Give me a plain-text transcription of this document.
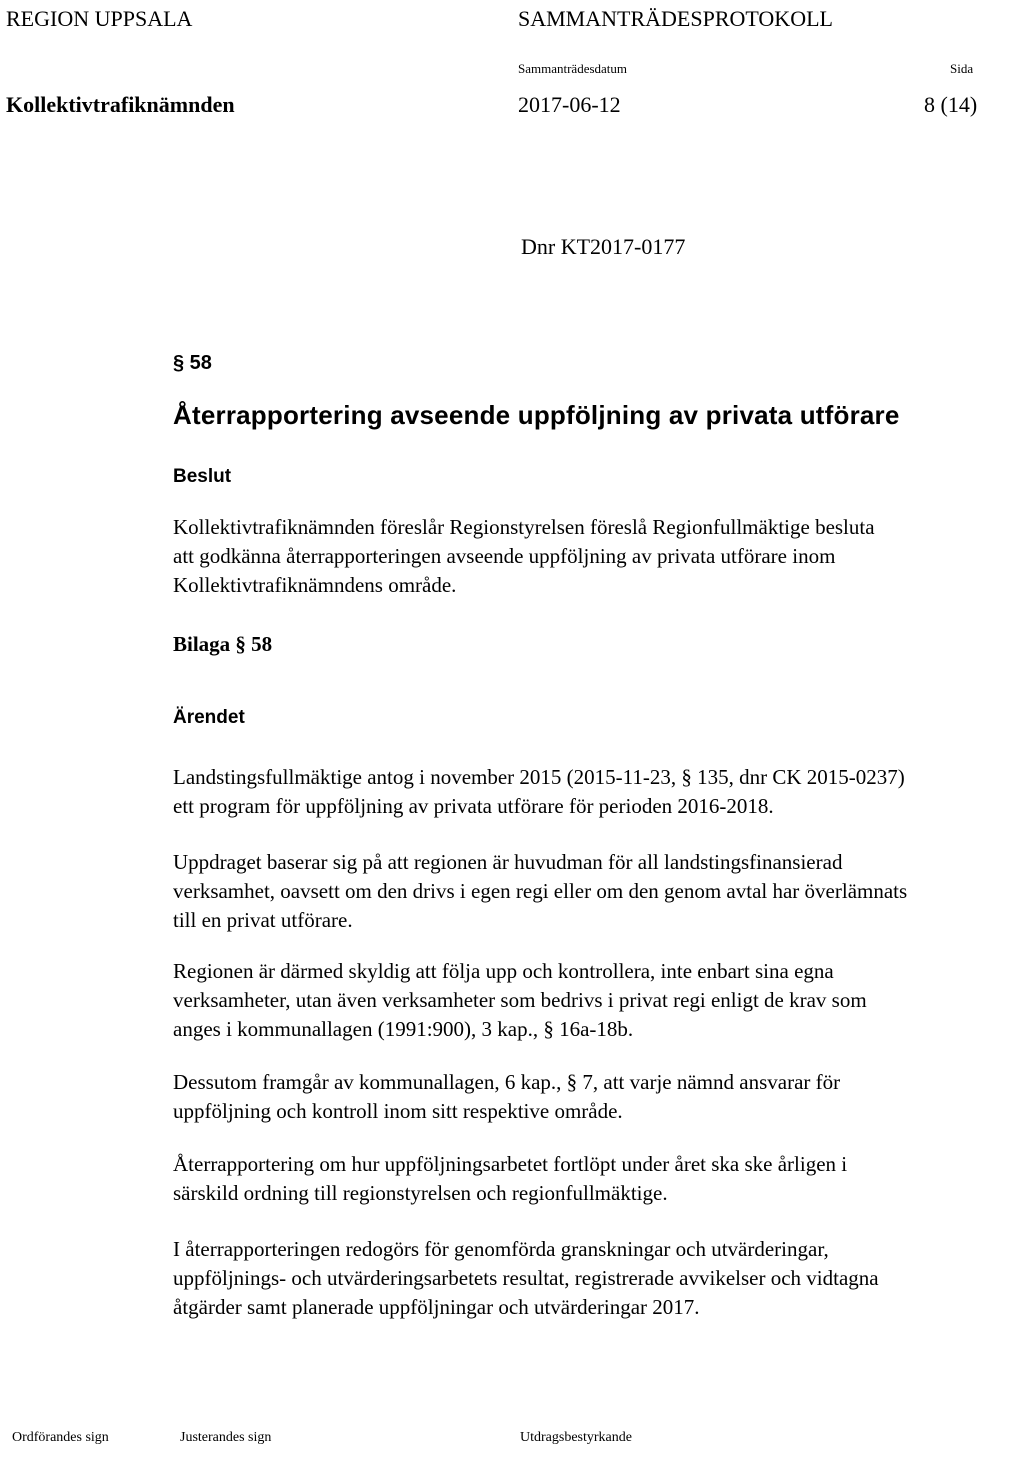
REGION UPPSALA	SAMMANTRÄDESPROTOKOLL
Sammanträdesdatum	Sida
Kollektivtrafiknämnden	2017-06-12	8 (14)
Dnr KT2017-0177
§ 58
Återrapportering avseende uppföljning av privata utförare
Beslut
Kollektivtrafiknämnden föreslår Regionstyrelsen föreslå Regionfullmäktige besluta
att godkänna återrapporteringen avseende uppföljning av privata utförare inom
Kollektivtrafiknämndens område.
Bilaga § 58
Ärendet
Landstingsfullmäktige antog i november 2015 (2015-11-23, § 135, dnr CK 2015-0237)
ett program för uppföljning av privata utförare för perioden 2016-2018.
Uppdraget baserar sig på att regionen är huvudman för all landstingsfinansierad
verksamhet, oavsett om den drivs i egen regi eller om den genom avtal har överlämnats
till en privat utförare.
Regionen är därmed skyldig att följa upp och kontrollera, inte enbart sina egna
verksamheter, utan även verksamheter som bedrivs i privat regi enligt de krav som
anges i kommunallagen (1991:900), 3 kap., § 16a-18b.
Dessutom framgår av kommunallagen, 6 kap., § 7, att varje nämnd ansvarar för
uppföljning och kontroll inom sitt respektive område.
Återrapportering om hur uppföljningsarbetet fortlöpt under året ska ske årligen i
särskild ordning till regionstyrelsen och regionfullmäktige.
I återrapporteringen redogörs för genomförda granskningar och utvärderingar,
uppföljnings- och utvärderingsarbetets resultat, registrerade avvikelser och vidtagna
åtgärder samt planerade uppföljningar och utvärderingar 2017.
Ordförandes sign	Justerandes sign	Utdragsbestyrkande
